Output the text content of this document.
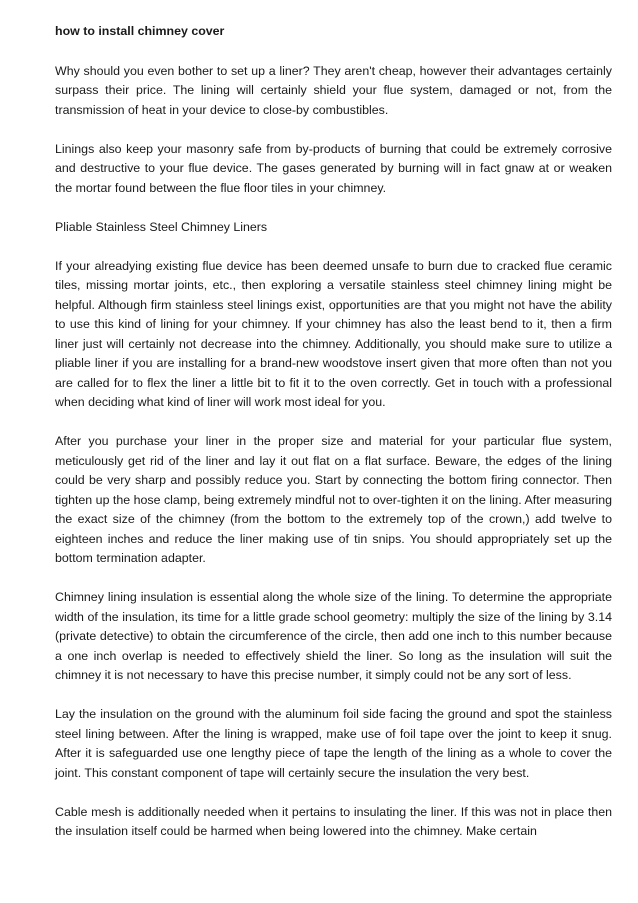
how to install chimney cover

Why should you even bother to set up a liner? They aren't cheap, however their advantages certainly surpass their price. The lining will certainly shield your flue system, damaged or not, from the transmission of heat in your device to close-by combustibles.

Linings also keep your masonry safe from by-products of burning that could be extremely corrosive and destructive to your flue device. The gases generated by burning will in fact gnaw at or weaken the mortar found between the flue floor tiles in your chimney.

Pliable Stainless Steel Chimney Liners

If your alreadying existing flue device has been deemed unsafe to burn due to cracked flue ceramic tiles, missing mortar joints, etc., then exploring a versatile stainless steel chimney lining might be helpful. Although firm stainless steel linings exist, opportunities are that you might not have the ability to use this kind of lining for your chimney. If your chimney has also the least bend to it, then a firm liner just will certainly not decrease into the chimney. Additionally, you should make sure to utilize a pliable liner if you are installing for a brand-new woodstove insert given that more often than not you are called for to flex the liner a little bit to fit it to the oven correctly. Get in touch with a professional when deciding what kind of liner will work most ideal for you.

After you purchase your liner in the proper size and material for your particular flue system, meticulously get rid of the liner and lay it out flat on a flat surface. Beware, the edges of the lining could be very sharp and possibly reduce you. Start by connecting the bottom firing connector. Then tighten up the hose clamp, being extremely mindful not to over-tighten it on the lining. After measuring the exact size of the chimney (from the bottom to the extremely top of the crown,) add twelve to eighteen inches and reduce the liner making use of tin snips. You should appropriately set up the bottom termination adapter.

Chimney lining insulation is essential along the whole size of the lining. To determine the appropriate width of the insulation, its time for a little grade school geometry: multiply the size of the lining by 3.14 (private detective) to obtain the circumference of the circle, then add one inch to this number because a one inch overlap is needed to effectively shield the liner. So long as the insulation will suit the chimney it is not necessary to have this precise number, it simply could not be any sort of less.

Lay the insulation on the ground with the aluminum foil side facing the ground and spot the stainless steel lining between. After the lining is wrapped, make use of foil tape over the joint to keep it snug. After it is safeguarded use one lengthy piece of tape the length of the lining as a whole to cover the joint. This constant component of tape will certainly secure the insulation the very best.

Cable mesh is additionally needed when it pertains to insulating the liner. If this was not in place then the insulation itself could be harmed when being lowered into the chimney. Make certain
